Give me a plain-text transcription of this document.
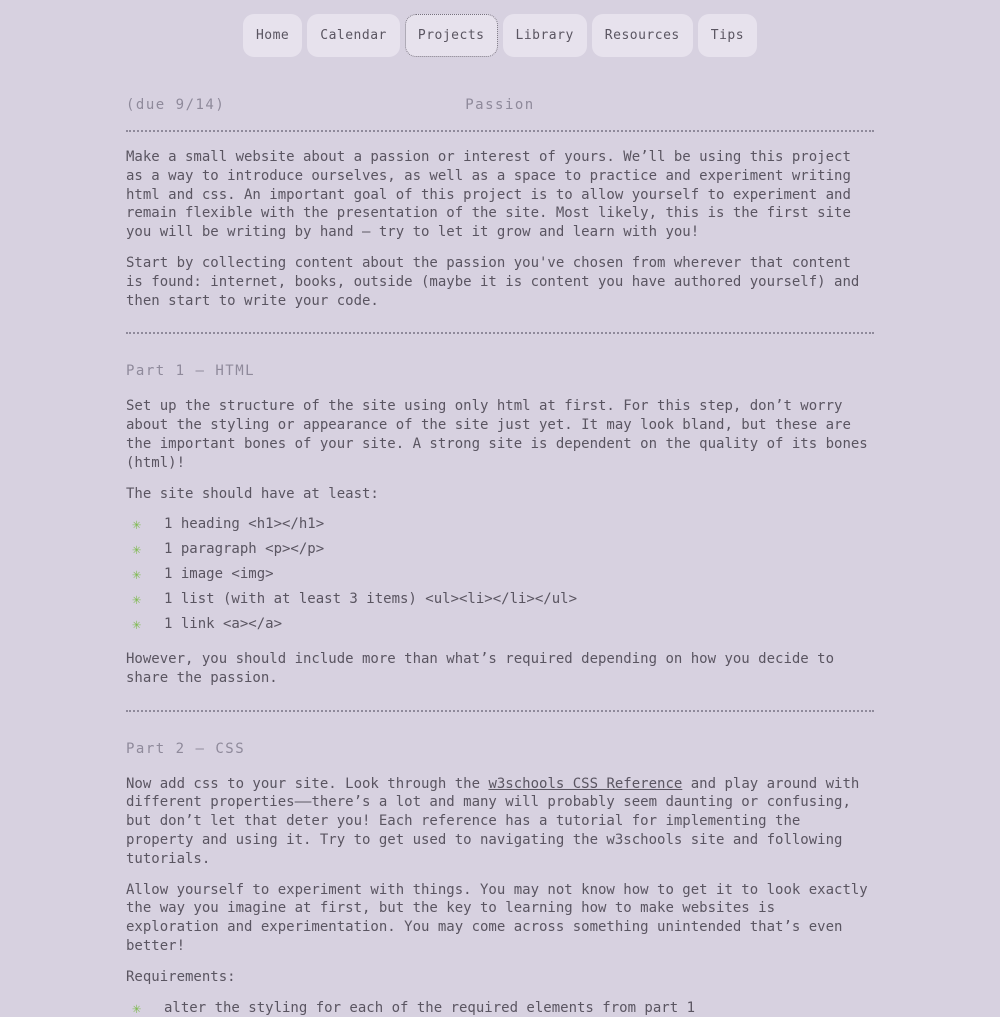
Home	Calendar	Projects	Library	Resources	Tips
(due 9/14)	Passion

Make a small website about a passion or interest of yours. We’ll be using this project as a way to introduce ourselves, as well as a space to practice and experiment writing html and css. An important goal of this project is to allow yourself to experiment and remain flexible with the presentation of the site. Most likely, this is the first site you will be writing by hand — try to let it grow and learn with you!

Start by collecting content about the passion you've chosen from wherever that content is found: internet, books, outside (maybe it is content you have authored yourself) and then start to write your code.

Part 1 — HTML

Set up the structure of the site using only html at first. For this step, don’t worry about the styling or appearance of the site just yet. It may look bland, but these are the important bones of your site. A strong site is dependent on the quality of its bones (html)!

The site should have at least:

✳	1 heading <h1></h1>
✳	1 paragraph <p></p>
✳	1 image <img>
✳	1 list (with at least 3 items) <ul><li></li></ul>
✳	1 link <a></a>

However, you should include more than what’s required depending on how you decide to share the passion.

Part 2 — CSS

Now add css to your site. Look through the w3schools CSS Reference and play around with different properties——there’s a lot and many will probably seem daunting or confusing, but don’t let that deter you! Each reference has a tutorial for implementing the property and using it. Try to get used to navigating the w3schools site and following tutorials.

Allow yourself to experiment with things. You may not know how to get it to look exactly the way you imagine at first, but the key to learning how to make websites is exploration and experimentation. You may come across something unintended that’s even better!

Requirements:

✳	alter the styling for each of the required elements from part 1
